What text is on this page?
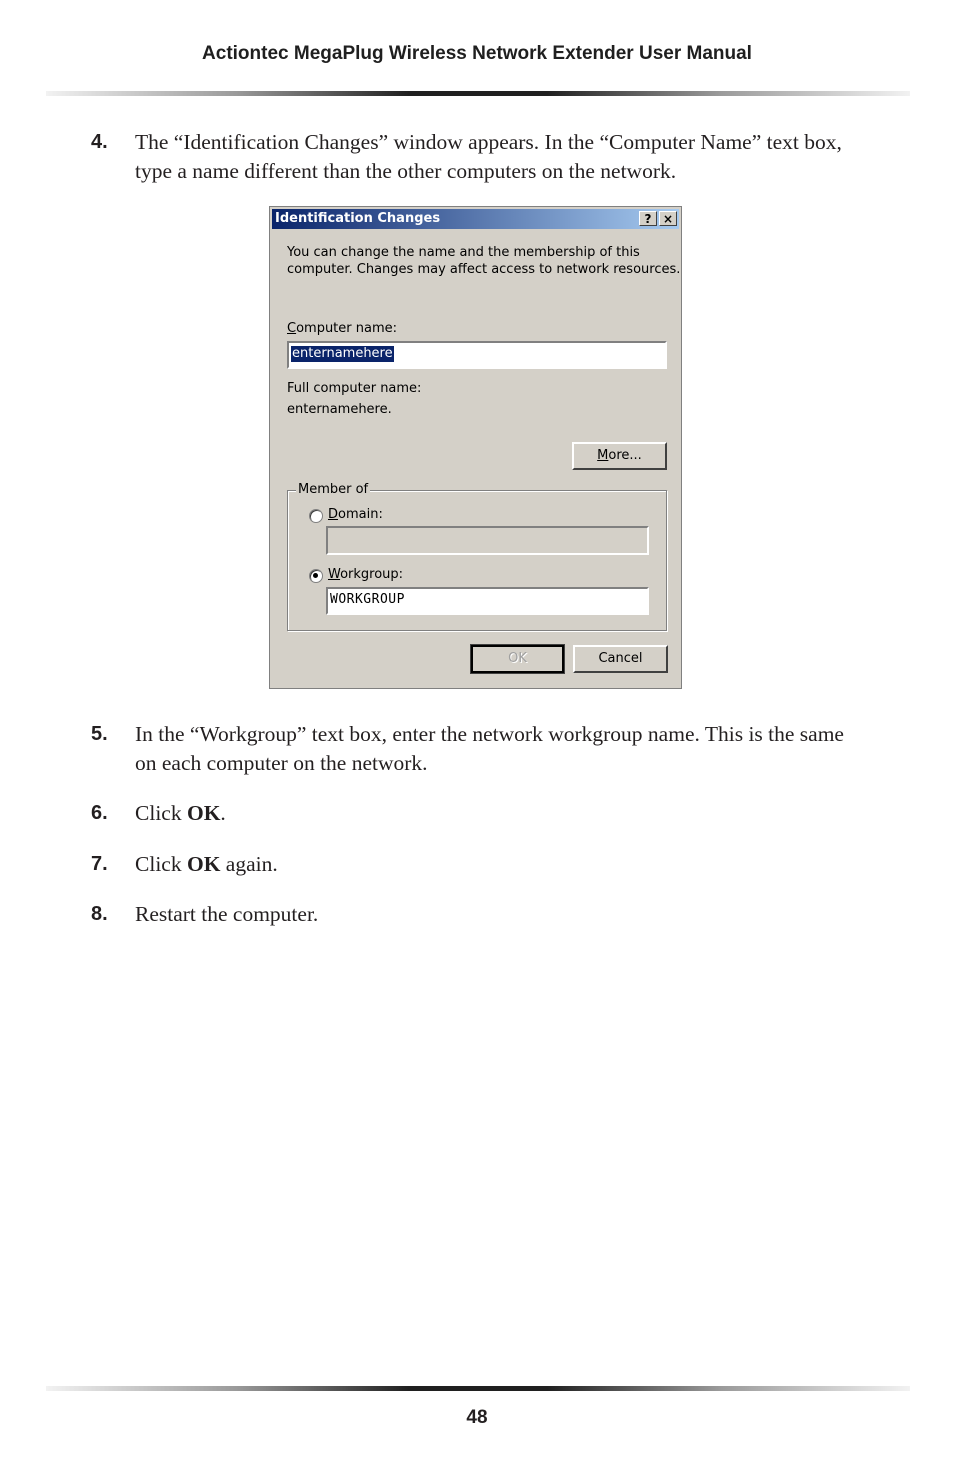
Actiontec MegaPlug Wireless Network Extender User Manual
4. The “Identification Changes” window appears. In the “Computer Name” text box, type a name different than the other computers on the network.
Identification Changes	? ×
You can change the name and the membership of this
computer. Changes may affect access to network resources.
Computer name:
enternamehere
Full computer name:
enternamehere.
More...
Member of
Domain:
Workgroup:
WORKGROUP
OK	Cancel
5. In the “Workgroup” text box, enter the network workgroup name. This is the same on each computer on the network.
6. Click OK.
7. Click OK again.
8. Restart the computer.
48
